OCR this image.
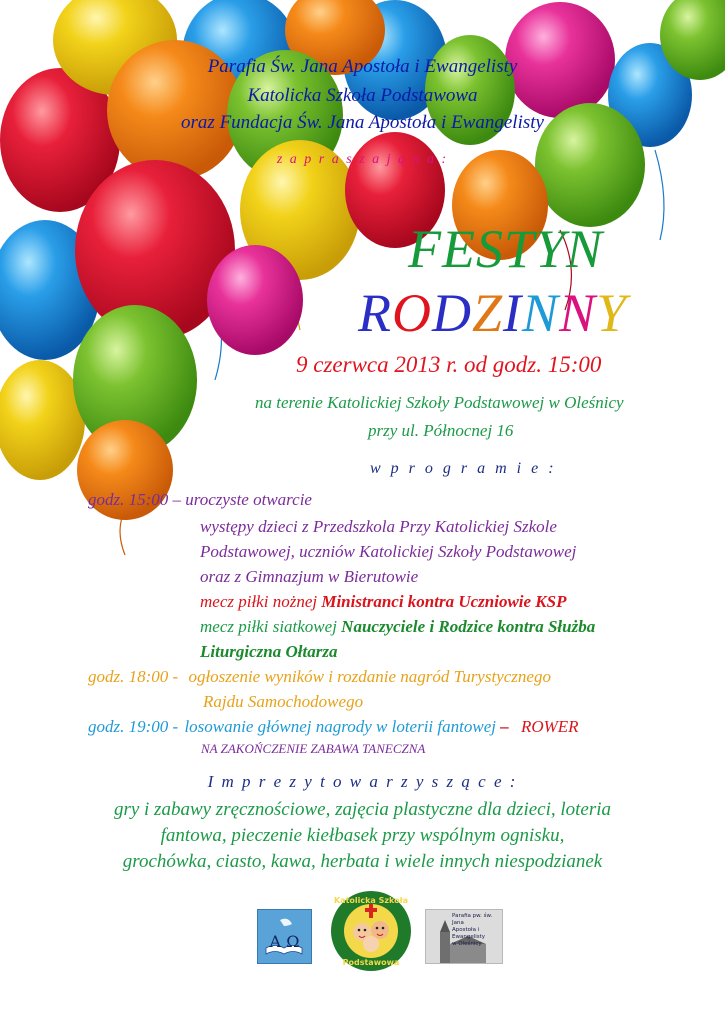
Parafia Św. Jana Apostoła i Ewangelisty
Katolicka Szkoła Podstawowa
oraz Fundacja Św. Jana Apostoła i Ewangelisty
z a p r a s z a j ą n a :
FESTYN
RODZINNY
9 czerwca 2013 r. od godz. 15:00
na terenie Katolickiej Szkoły Podstawowej w Oleśnicy
przy ul. Północnej 16
w p r o g r a m i e :
godz. 15:00 – uroczyste otwarcie
występy dzieci z Przedszkola Przy Katolickiej Szkole
Podstawowej, uczniów Katolickiej Szkoły Podstawowej
oraz z Gimnazjum w Bierutowie
mecz piłki nożnej Ministranci kontra Uczniowie KSP
mecz piłki siatkowej Nauczyciele i Rodzice kontra Służba
Liturgiczna Ołtarza
godz. 18:00 - ogłoszenie wyników i rozdanie nagród Turystycznego
Rajdu Samochodowego
godz. 19:00 - losowanie głównej nagrody w loterii fantowej – ROWER
NA ZAKOŃCZENIE ZABAWA TANECZNA
I m p r e z y t o w a r z y s z ą c e :
gry i zabawy zręcznościowe, zajęcia plastyczne dla dzieci, loteria
fantowa, pieczenie kiełbasek przy wspólnym ognisku,
grochówka, ciasto, kawa, herbata i wiele innych niespodzianek
Α Ω
Katolicka Szkoła
Podstawowa
Parafia pw. św. Jana
Apostoła i Ewangelisty
w Oleśnicy
